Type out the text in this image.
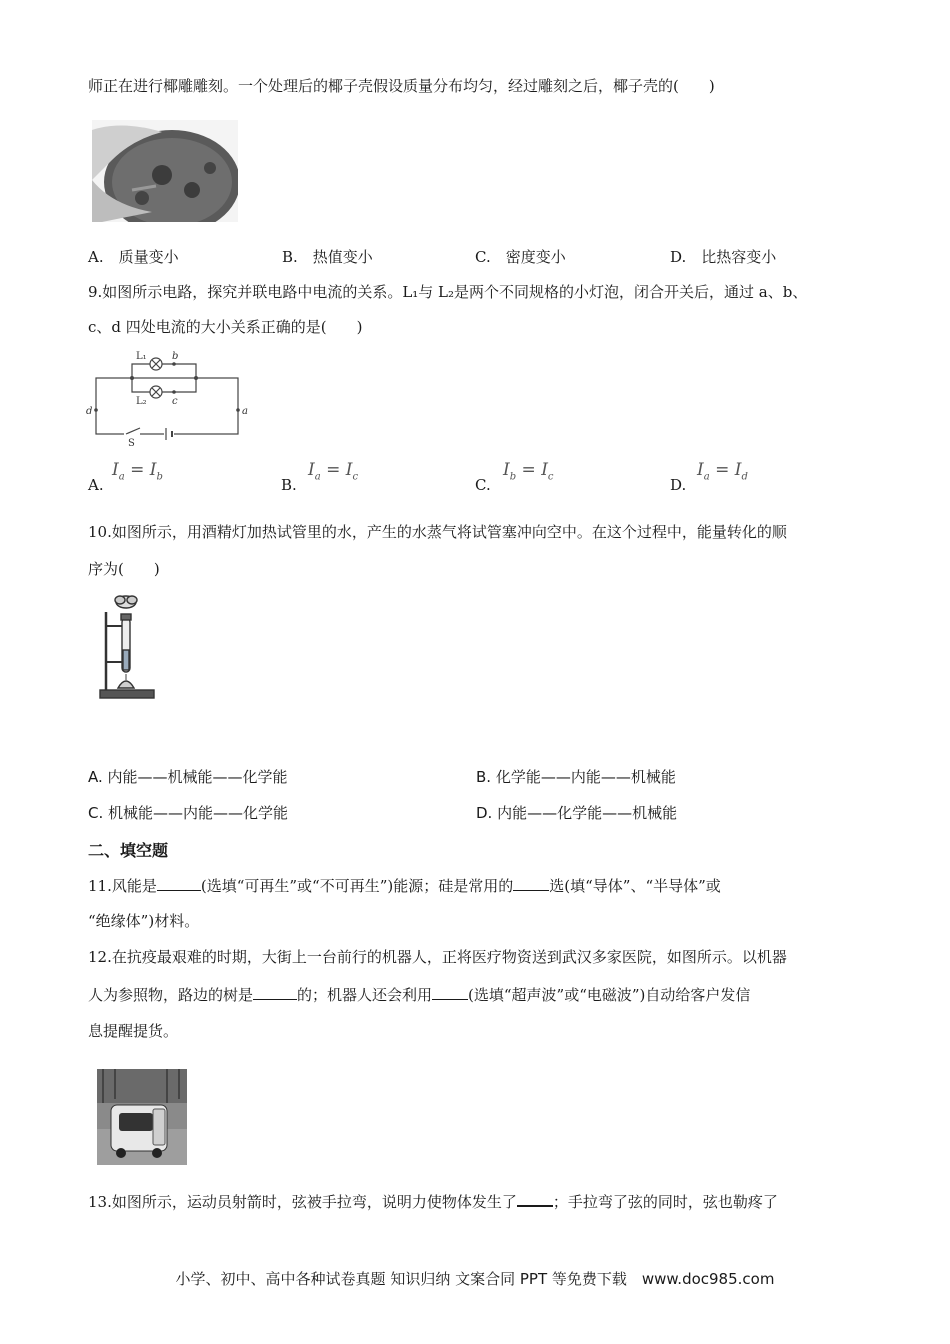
师正在进行椰雕雕刻。一个处理后的椰子壳假设质量分布均匀，经过雕刻之后，椰子壳的(　　)
A.　质量变小	B.　热值变小	C.　密度变小	D.　比热容变小
9.如图所示电路，探究并联电路中电流的关系。L₁与 L₂是两个不同规格的小灯泡，闭合开关后，通过 a、b、
c、d 四处电流的大小关系正确的是(　　)
L₁	b
L₂	c
d	a
S
A.
$I_a = I_b$	B.
$I_a = I_c$	C.
$I_b = I_c$	D.
$I_a = I_d$
10.如图所示，用酒精灯加热试管里的水，产生的水蒸气将试管塞冲向空中。在这个过程中，能量转化的顺
序为(　　)
A. 内能——机械能——化学能	B. 化学能——内能——机械能
C. 机械能——内能——化学能	D. 内能——化学能——机械能
二、填空题
11.风能是	(选填“可再生”或“不可再生”)能源；硅是常用的 选(填“导体”、“半导体”或
“绝缘体”)材料。
12.在抗疫最艰难的时期，大街上一台前行的机器人，正将医疗物资送到武汉多家医院，如图所示。以机器
人为参照物，路边的树是	的；机器人还会利用 (选填“超声波”或“电磁波”)自动给客户发信
息提醒提货。
13.如图所示，运动员射箭时，弦被手拉弯，说明力使物体发生了 ；手拉弯了弦的同时，弦也勒疼了
小学、初中、高中各种试卷真题 知识归纳 文案合同 PPT 等免费下载　www.doc985.com
